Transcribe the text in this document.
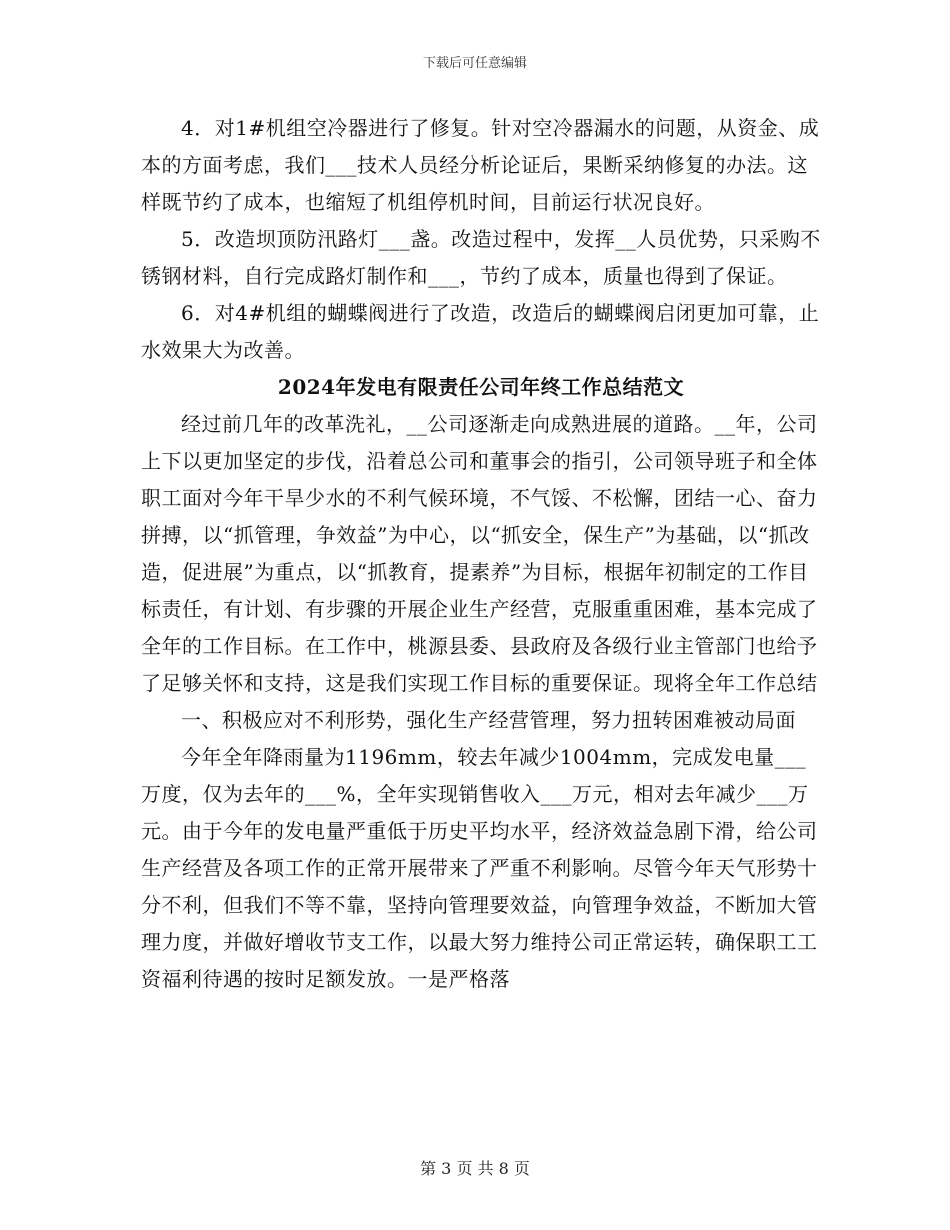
下载后可任意编辑

4．对1#机组空冷器进行了修复。针对空冷器漏水的问题，从资金、成本的方面考虑，我们___技术人员经分析论证后，果断采纳修复的办法。这样既节约了成本，也缩短了机组停机时间，目前运行状况良好。

5．改造坝顶防汛路灯___盏。改造过程中，发挥__人员优势，只采购不锈钢材料，自行完成路灯制作和___，节约了成本，质量也得到了保证。

6．对4#机组的蝴蝶阀进行了改造，改造后的蝴蝶阀启闭更加可靠，止水效果大为改善。

2024年发电有限责任公司年终工作总结范文

经过前几年的改革洗礼，__公司逐渐走向成熟进展的道路。__年，公司上下以更加坚定的步伐，沿着总公司和董事会的指引，公司领导班子和全体职工面对今年干旱少水的不利气候环境，不气馁、不松懈，团结一心、奋力拼搏，以“抓管理，争效益”为中心，以“抓安全，保生产”为基础，以“抓改造，促进展”为重点，以“抓教育，提素养”为目标，根据年初制定的工作目标责任，有计划、有步骤的开展企业生产经营，克服重重困难，基本完成了全年的工作目标。在工作中，桃源县委、县政府及各级行业主管部门也给予了足够关怀和支持，这是我们实现工作目标的重要保证。现将全年工作总结

一、积极应对不利形势，强化生产经营管理，努力扭转困难被动局面

今年全年降雨量为1196mm，较去年减少1004mm，完成发电量___万度，仅为去年的___%，全年实现销售收入___万元，相对去年减少___万元。由于今年的发电量严重低于历史平均水平，经济效益急剧下滑，给公司生产经营及各项工作的正常开展带来了严重不利影响。尽管今年天气形势十分不利，但我们不等不靠，坚持向管理要效益，向管理争效益，不断加大管理力度，并做好增收节支工作，以最大努力维持公司正常运转，确保职工工资福利待遇的按时足额发放。一是严格落

第 3 页 共 8 页
